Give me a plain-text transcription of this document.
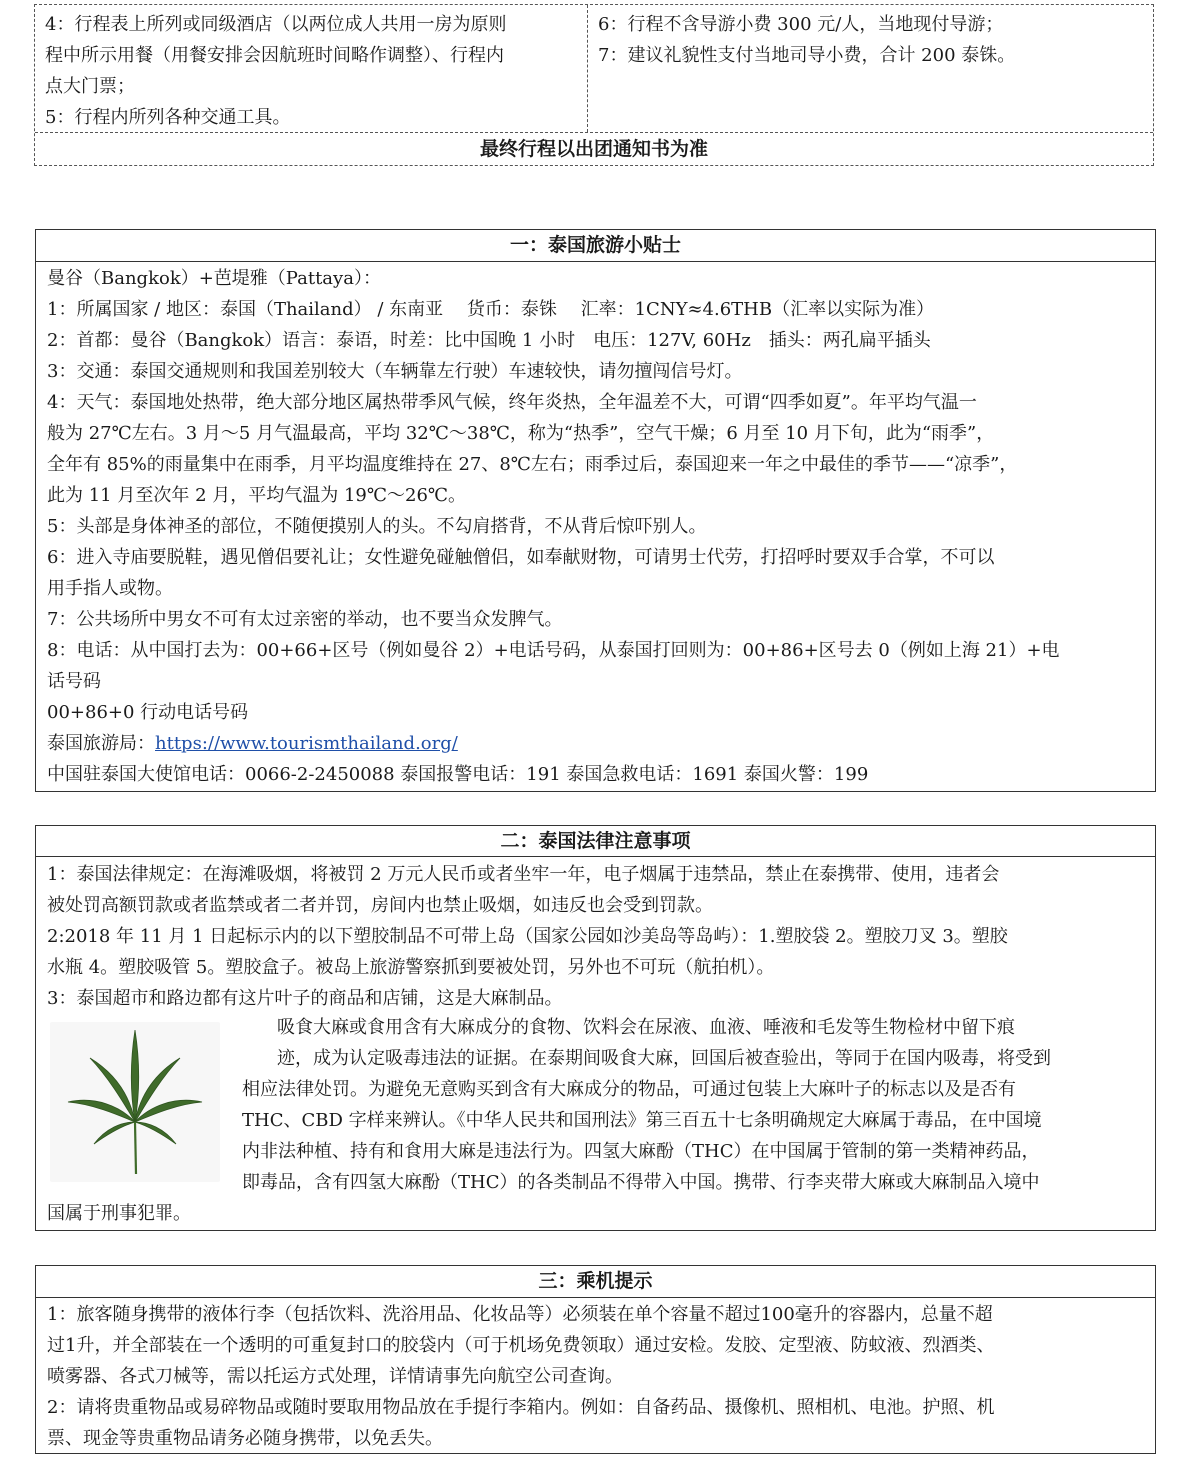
4：行程表上所列或同级酒店（以两位成人共用一房为原则
程中所示用餐（用餐安排会因航班时间略作调整）、行程内
点大门票；
5：行程内所列各种交通工具。
6：行程不含导游小费 300 元/人，当地现付导游；
7：建议礼貌性支付当地司导小费，合计 200 泰铢。
最终行程以出团通知书为准
一：泰国旅游小贴士
曼谷（Bangkok）+芭堤雅（Pattaya）：
1：所属国家 / 地区：泰国（Thailand） / 东南亚　 货币：泰铢　 汇率：1CNY≈4.6THB（汇率以实际为准）
2：首都：曼谷（Bangkok）语言：泰语，时差：比中国晚 1 小时　电压：127V, 60Hz　插头：两孔扁平插头
3：交通：泰国交通规则和我国差别较大（车辆靠左行驶）车速较快，请勿擅闯信号灯。
4：天气：泰国地处热带，绝大部分地区属热带季风气候，终年炎热，全年温差不大，可谓“四季如夏”。年平均气温一
般为 27℃左右。3 月～5 月气温最高，平均 32℃～38℃，称为“热季”，空气干燥；6 月至 10 月下旬，此为“雨季”，
全年有 85%的雨量集中在雨季，月平均温度维持在 27、8℃左右；雨季过后，泰国迎来一年之中最佳的季节——“凉季”，
此为 11 月至次年 2 月，平均气温为 19℃～26℃。
5：头部是身体神圣的部位，不随便摸别人的头。不勾肩搭背，不从背后惊吓别人。
6：进入寺庙要脱鞋，遇见僧侣要礼让；女性避免碰触僧侣，如奉献财物，可请男士代劳，打招呼时要双手合掌，不可以
用手指人或物。
7：公共场所中男女不可有太过亲密的举动，也不要当众发脾气。
8：电话：从中国打去为：00+66+区号（例如曼谷 2）+电话号码，从泰国打回则为：00+86+区号去 0（例如上海 21）+电
话号码
00+86+0 行动电话号码
泰国旅游局：https://www.tourismthailand.org/
中国驻泰国大使馆电话：0066-2-2450088 泰国报警电话：191 泰国急救电话：1691 泰国火警：199
二：泰国法律注意事项
1：泰国法律规定：在海滩吸烟，将被罚 2 万元人民币或者坐牢一年，电子烟属于违禁品，禁止在泰携带、使用，违者会
被处罚高额罚款或者监禁或者二者并罚，房间内也禁止吸烟，如违反也会受到罚款。
2:2018 年 11 月 1 日起标示内的以下塑胶制品不可带上岛（国家公园如沙美岛等岛屿）：1.塑胶袋 2。塑胶刀叉 3。塑胶
水瓶 4。塑胶吸管 5。塑胶盒子。被岛上旅游警察抓到要被处罚，另外也不可玩（航拍机）。
3：泰国超市和路边都有这片叶子的商品和店铺，这是大麻制品。
吸食大麻或食用含有大麻成分的食物、饮料会在尿液、血液、唾液和毛发等生物检材中留下痕
迹，成为认定吸毒违法的证据。在泰期间吸食大麻，回国后被查验出，等同于在国内吸毒，将受到
相应法律处罚。为避免无意购买到含有大麻成分的物品，可通过包装上大麻叶子的标志以及是否有
THC、CBD 字样来辨认。《中华人民共和国刑法》第三百五十七条明确规定大麻属于毒品，在中国境
内非法种植、持有和食用大麻是违法行为。四氢大麻酚（THC）在中国属于管制的第一类精神药品，
即毒品，含有四氢大麻酚（THC）的各类制品不得带入中国。携带、行李夹带大麻或大麻制品入境中
国属于刑事犯罪。
三：乘机提示
1：旅客随身携带的液体行李（包括饮料、洗浴用品、化妆品等）必须装在单个容量不超过100毫升的容器内，总量不超
过1升，并全部装在一个透明的可重复封口的胶袋内（可于机场免费领取）通过安检。发胶、定型液、防蚊液、烈酒类、
喷雾器、各式刀械等，需以托运方式处理，详情请事先向航空公司查询。
2：请将贵重物品或易碎物品或随时要取用物品放在手提行李箱内。例如：自备药品、摄像机、照相机、电池。护照、机
票、现金等贵重物品请务必随身携带，以免丢失。
